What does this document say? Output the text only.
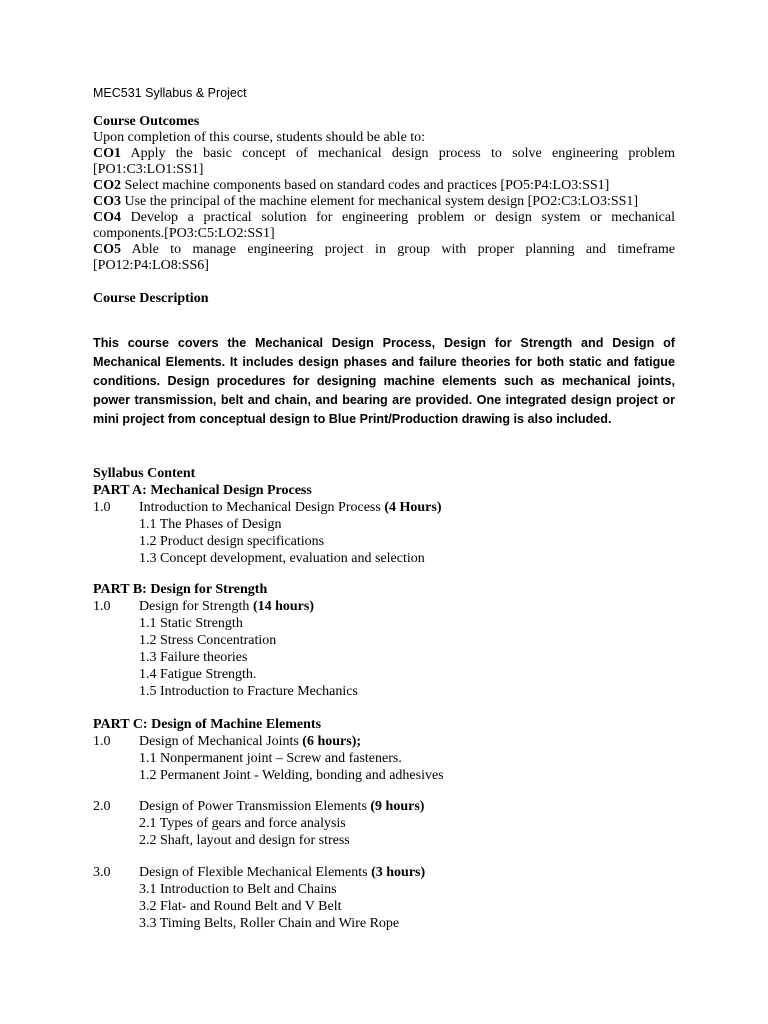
MEC531 Syllabus & Project
Course Outcomes
Upon completion of this course, students should be able to:
CO1 Apply the basic concept of mechanical design process to solve engineering problem [PO1:C3:LO1:SS1]
CO2 Select machine components based on standard codes and practices [PO5:P4:LO3:SS1]
CO3 Use the principal of the machine element for mechanical system design [PO2:C3:LO3:SS1]
CO4 Develop a practical solution for engineering problem or design system or mechanical components.[PO3:C5:LO2:SS1]
CO5 Able to manage engineering project in group with proper planning and timeframe [PO12:P4:LO8:SS6]
Course Description
This course covers the Mechanical Design Process, Design for Strength and Design of Mechanical Elements. It includes design phases and failure theories for both static and fatigue conditions. Design procedures for designing machine elements such as mechanical joints, power transmission, belt and chain, and bearing are provided. One integrated design project or mini project from conceptual design to Blue Print/Production drawing is also included.
Syllabus Content
PART A: Mechanical Design Process
1.0 Introduction to Mechanical Design Process (4 Hours)
1.1 The Phases of Design
1.2 Product design specifications
1.3 Concept development, evaluation and selection
PART B: Design for Strength
1.0 Design for Strength (14 hours)
1.1 Static Strength
1.2 Stress Concentration
1.3 Failure theories
1.4 Fatigue Strength.
1.5 Introduction to Fracture Mechanics
PART C: Design of Machine Elements
1.0 Design of Mechanical Joints (6 hours);
1.1 Nonpermanent joint – Screw and fasteners.
1.2 Permanent Joint - Welding, bonding and adhesives
2.0 Design of Power Transmission Elements (9 hours)
2.1 Types of gears and force analysis
2.2 Shaft, layout and design for stress
3.0 Design of Flexible Mechanical Elements (3 hours)
3.1 Introduction to Belt and Chains
3.2 Flat- and Round Belt and V Belt
3.3 Timing Belts, Roller Chain and Wire Rope
